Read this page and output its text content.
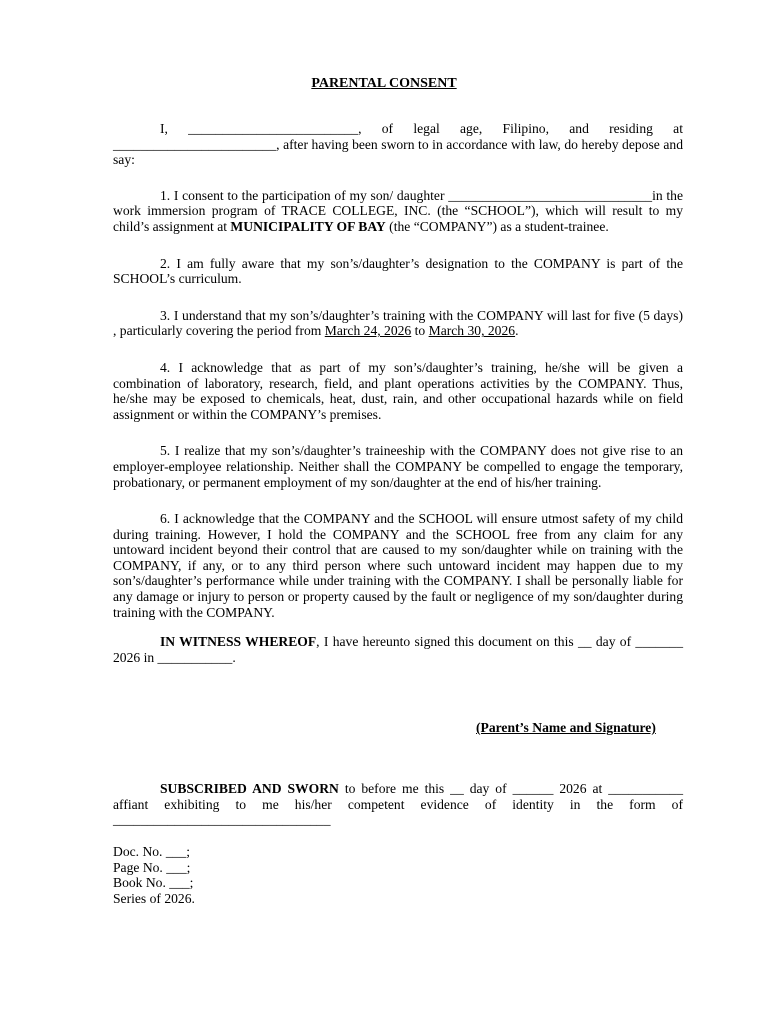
PARENTAL CONSENT

I, _________________________, of legal age, Filipino, and residing at ________________________, after having been sworn to in accordance with law, do hereby depose and say:

1. I consent to the participation of my son/ daughter ______________________________in the work immersion program of TRACE COLLEGE, INC. (the “SCHOOL”), which will result to my child’s assignment at MUNICIPALITY OF BAY (the “COMPANY”) as a student-trainee.

2. I am fully aware that my son’s/daughter’s designation to the COMPANY is part of the SCHOOL’s curriculum.

3. I understand that my son’s/daughter’s training with the COMPANY will last for five (5 days) , particularly covering the period from March 24, 2026 to March 30, 2026.

4. I acknowledge that as part of my son’s/daughter’s training, he/she will be given a combination of laboratory, research, field, and plant operations activities by the COMPANY. Thus, he/she may be exposed to chemicals, heat, dust, rain, and other occupational hazards while on field assignment or within the COMPANY’s premises.

5. I realize that my son’s/daughter’s traineeship with the COMPANY does not give rise to an employer-employee relationship. Neither shall the COMPANY be compelled to engage the temporary, probationary, or permanent employment of my son/daughter at the end of his/her training.

6. I acknowledge that the COMPANY and the SCHOOL will ensure utmost safety of my child during training. However, I hold the COMPANY and the SCHOOL free from any claim for any untoward incident beyond their control that are caused to my son/daughter while on training with the COMPANY, if any, or to any third person where such untoward incident may happen due to my son’s/daughter’s performance while under training with the COMPANY. I shall be personally liable for any damage or injury to person or property caused by the fault or negligence of my son/daughter during training with the COMPANY.

IN WITNESS WHEREOF, I have hereunto signed this document on this __ day of _______ 2026 in ___________.

(Parent’s Name and Signature)

SUBSCRIBED AND SWORN to before me this __ day of ______ 2026 at ___________ affiant exhibiting to me his/her competent evidence of identity in the form of ________________________________

Doc. No. ___;
Page No. ___;
Book No. ___;
Series of 2026.
